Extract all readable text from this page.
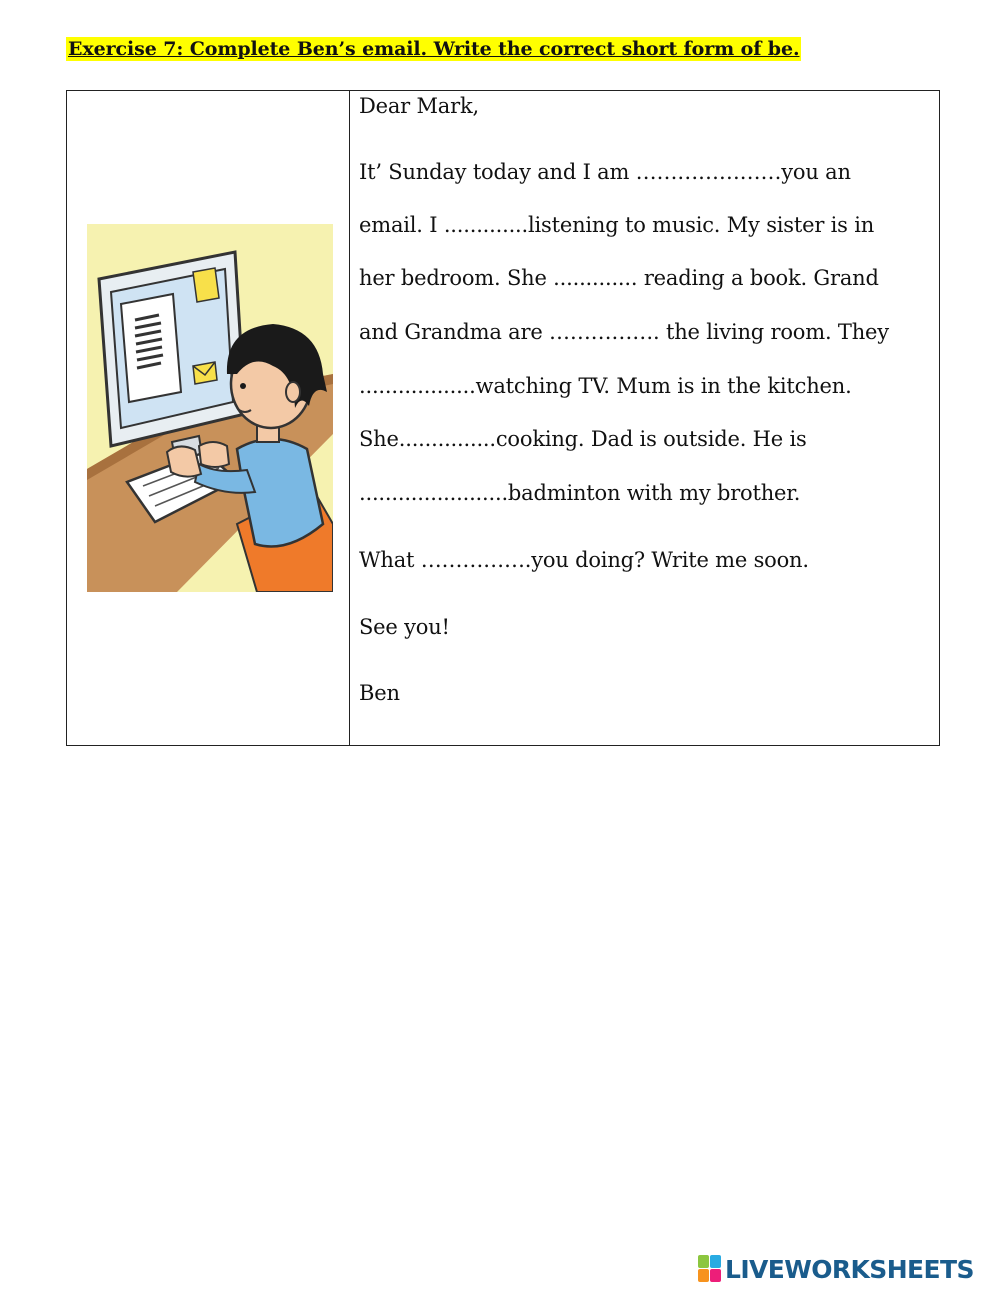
Exercise 7: Complete Ben’s email. Write the correct short form of be.
Dear Mark,
It’ Sunday today and I am …………………you an
email. I .............listening to music. My sister is in
her bedroom. She ............. reading a book. Grand
and Grandma are ……………. the living room. They
..................watching TV. Mum is in the kitchen.
She...............cooking. Dad is outside. He is
.......................badminton with my brother.
What …………….you doing? Write me soon.
See you!
Ben
LIVEWORKSHEETS
